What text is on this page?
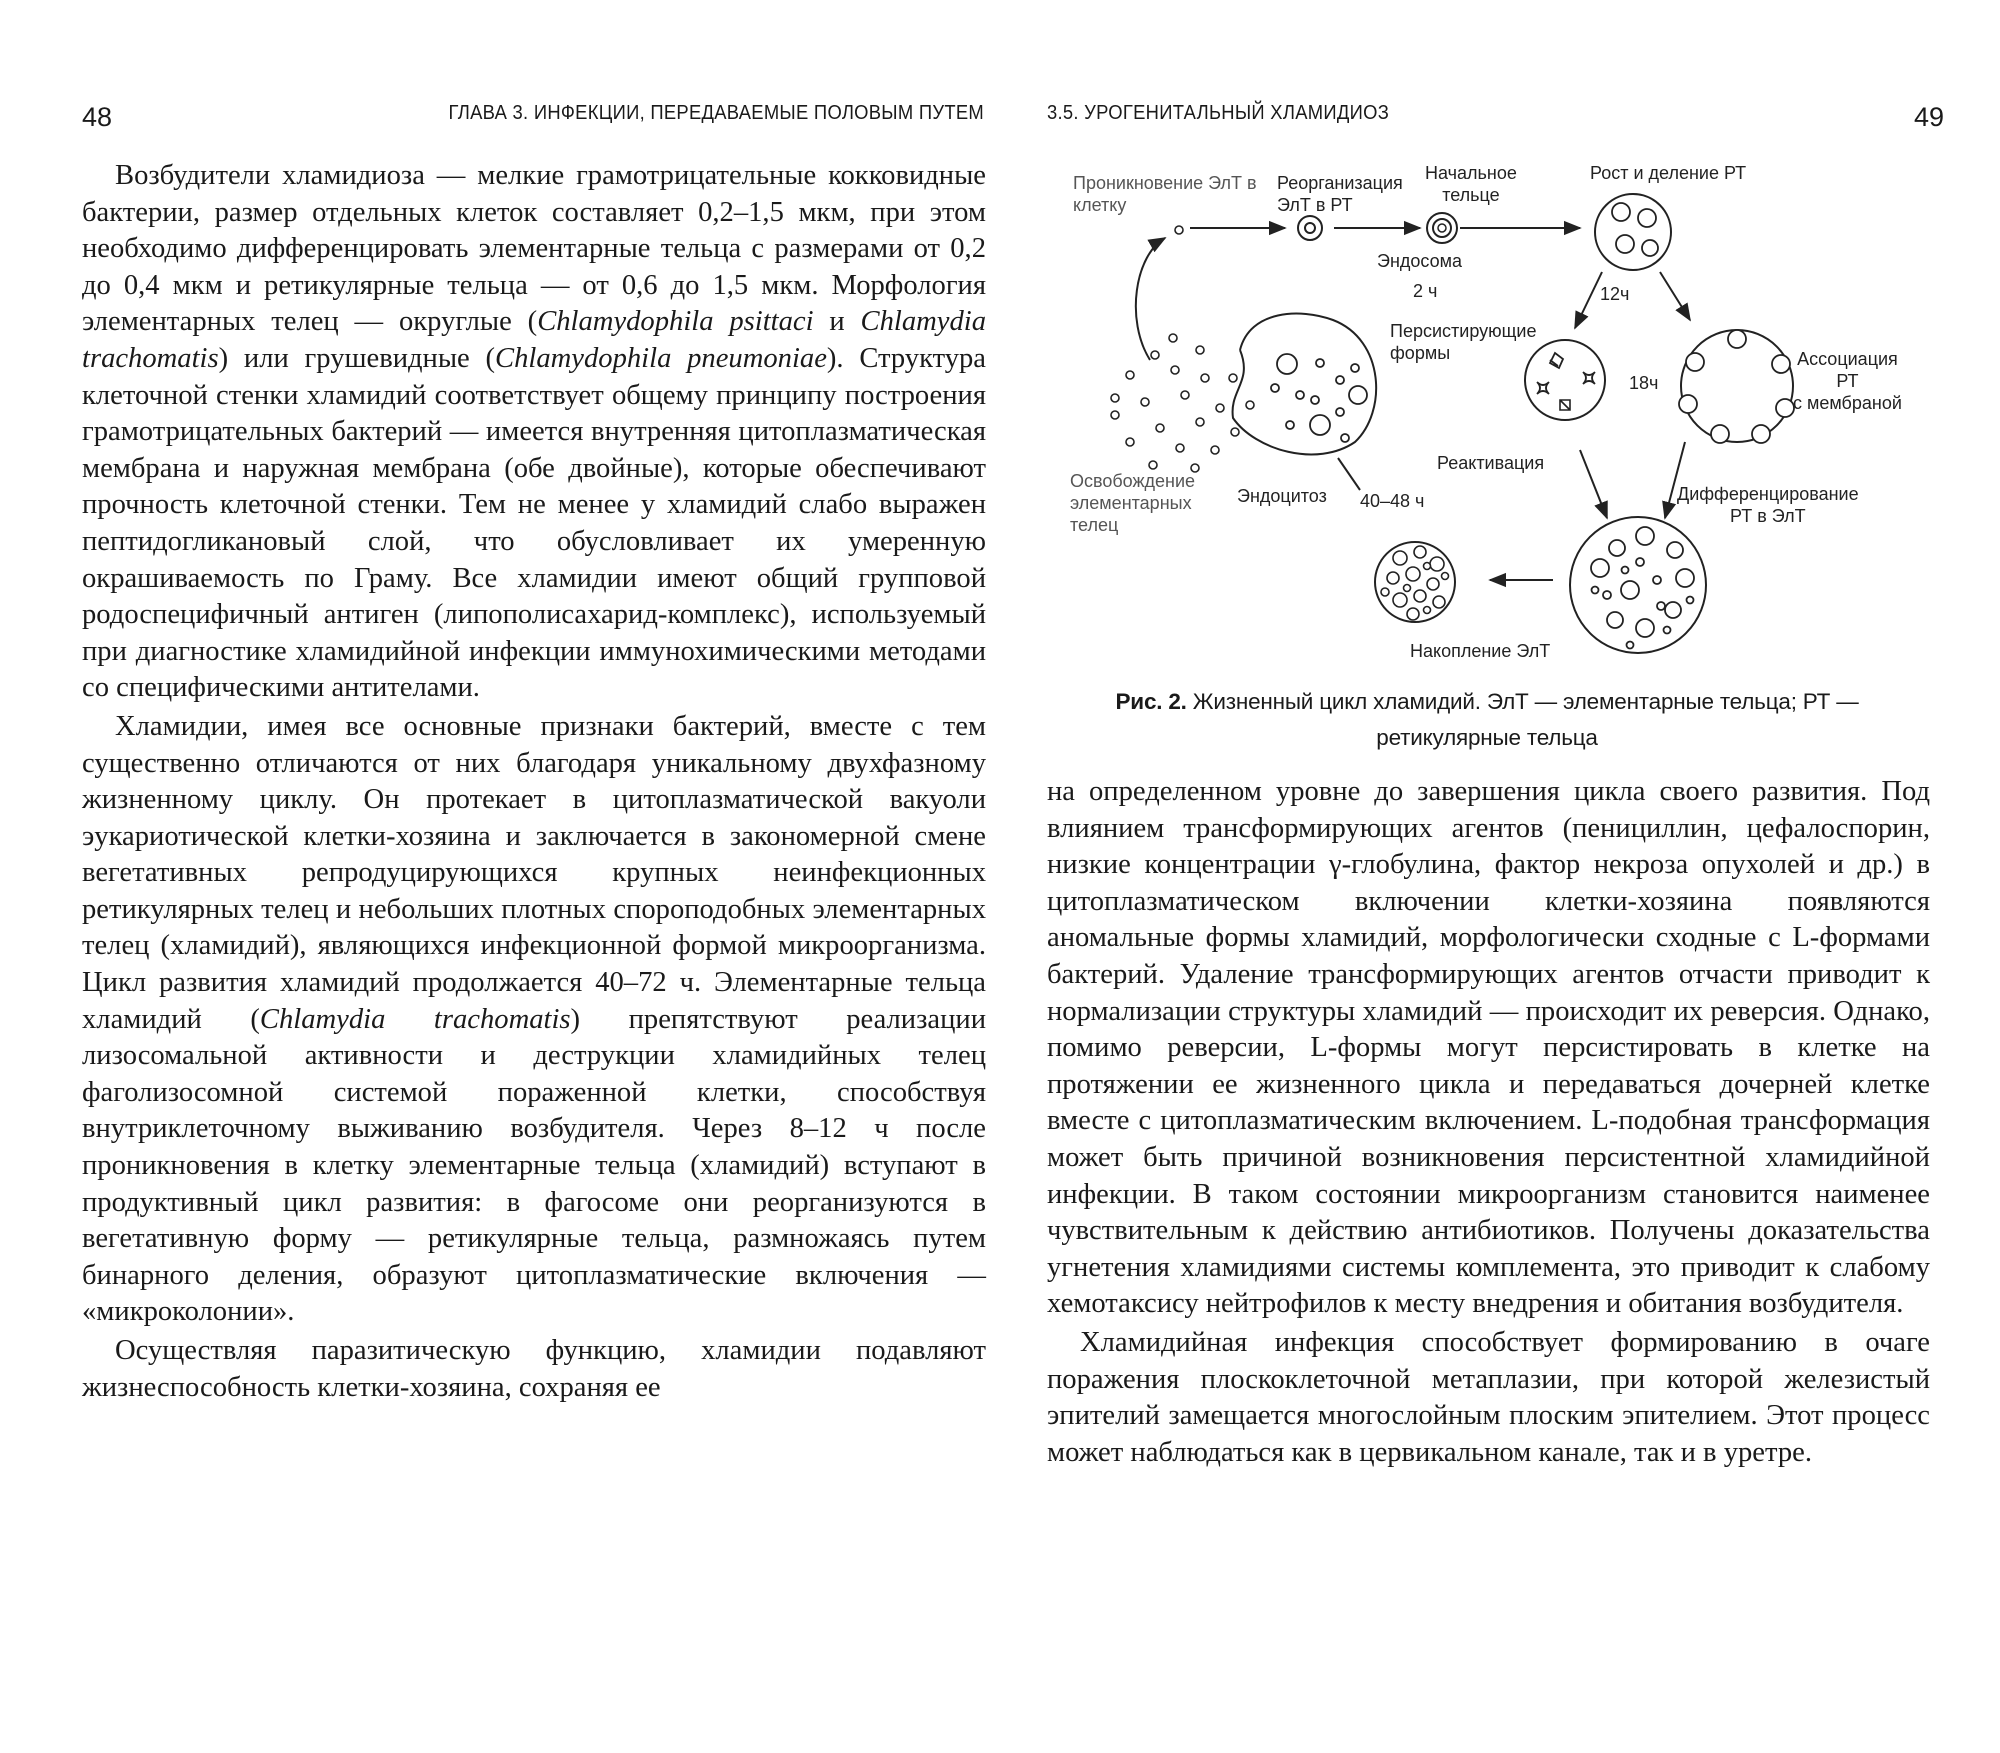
48	ГЛАВА 3. ИНФЕКЦИИ, ПЕРЕДАВАЕМЫЕ ПОЛОВЫМ ПУТЕМ

Возбудители хламидиоза — мелкие грамотрицательные кокковидные бактерии, размер отдельных клеток составляет 0,2–1,5 мкм, при этом необходимо дифференцировать элементарные тельца с размерами от 0,2 до 0,4 мкм и ретикулярные тельца — от 0,6 до 1,5 мкм. Морфология элементарных телец — округлые (Chlamydophila psittaci и Chlamydia trachomatis) или грушевидные (Chlamydophila pneumoniae). Структура клеточной стенки хламидий соответствует общему принципу построения грамотрицательных бактерий — имеется внутренняя цитоплазматическая мембрана и наружная мембрана (обе двойные), которые обеспечивают прочность клеточной стенки. Тем не менее у хламидий слабо выражен пептидогликановый слой, что обусловливает их умеренную окрашиваемость по Граму. Все хламидии имеют общий групповой родоспецифичный антиген (липополисахарид-комплекс), используемый при диагностике хламидийной инфекции иммунохимическими методами со специфическими антителами.

Хламидии, имея все основные признаки бактерий, вместе с тем существенно отличаются от них благодаря уникальному двухфазному жизненному циклу. Он протекает в цитоплазматической вакуоли эукариотической клетки-хозяина и заключается в закономерной смене вегетативных репродуцирующихся крупных неинфекционных ретикулярных телец и небольших плотных спороподобных элементарных телец (хламидий), являющихся инфекционной формой микроорганизма. Цикл развития хламидий продолжается 40–72 ч. Элементарные тельца хламидий (Chlamydia trachomatis) препятствуют реализации лизосомальной активности и деструкции хламидийных телец фаголизосомной системой пораженной клетки, способствуя внутриклеточному выживанию возбудителя. Через 8–12 ч после проникновения в клетку элементарные тельца (хламидий) вступают в продуктивный цикл развития: в фагосоме они реорганизуются в вегетативную форму — ретикулярные тельца, размножаясь путем бинарного деления, образуют цитоплазматические включения — «микроколонии».

Осуществляя паразитическую функцию, хламидии подавляют жизнеспособность клетки-хозяина, сохраняя ее

3.5. УРОГЕНИТАЛЬНЫЙ ХЛАМИДИОЗ	49
Проникновение ЭлТ в клетку
Реорганизация
ЭлТ в РТ
Начальное
тельце
Рост и деление РТ
Эндосома
2 ч	12ч
Персистирующие
формы
18ч
Ассоциация
РТ
с мембраной
Реактивация
Освобождение
элементарных
телец
Эндоцитоз 40–48 ч	Дифференцирование
РТ в ЭлТ
Накопление ЭлТ
Рис. 2. Жизненный цикл хламидий. ЭлТ — элементарные тельца; РТ — ретикулярные тельца

на определенном уровне до завершения цикла своего развития. Под влиянием трансформирующих агентов (пенициллин, цефалоспорин, низкие концентрации γ-глобулина, фактор некроза опухолей и др.) в цитоплазматическом включении клетки-хозяина появляются аномальные формы хламидий, морфологически сходные с L-формами бактерий. Удаление трансформирующих агентов отчасти приводит к нормализации структуры хламидий — происходит их реверсия. Однако, помимо реверсии, L-формы могут персистировать в клетке на протяжении ее жизненного цикла и передаваться дочерней клетке вместе с цитоплазматическим включением. L-подобная трансформация может быть причиной возникновения персистентной хламидийной инфекции. В таком состоянии микроорганизм становится наименее чувствительным к действию антибиотиков. Получены доказательства угнетения хламидиями системы комплемента, это приводит к слабому хемотаксису нейтрофилов к месту внедрения и обитания возбудителя.

Хламидийная инфекция способствует формированию в очаге поражения плоскоклеточной метаплазии, при которой железистый эпителий замещается многослойным плоским эпителием. Этот процесс может наблюдаться как в цервикальном канале, так и в уретре.
